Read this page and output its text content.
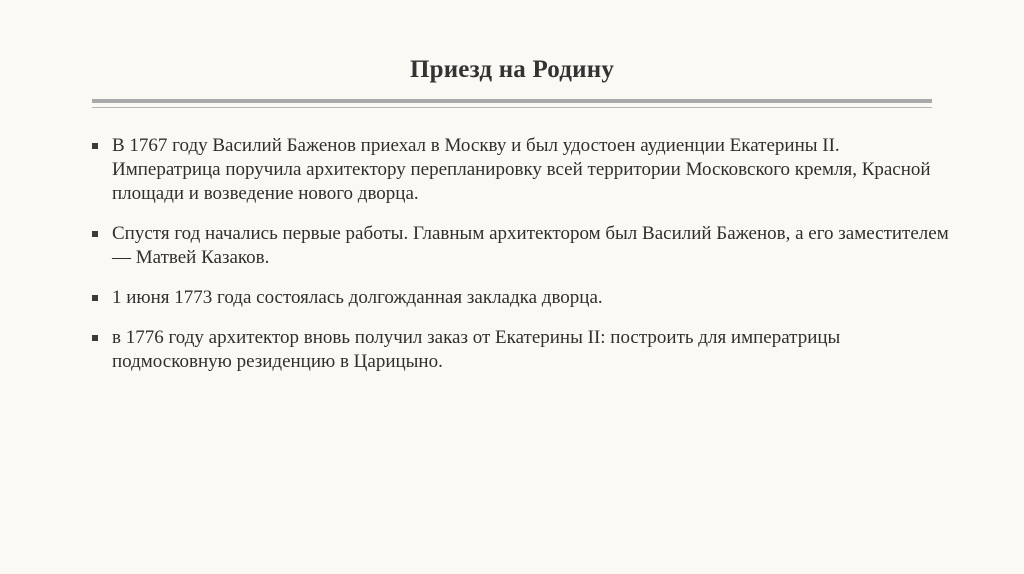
Приезд на Родину
В 1767 году Василий Баженов приехал в Москву и был удостоен аудиенции Екатерины II. Императрица поручила архитектору перепланировку всей территории Московского кремля, Красной площади и возведение нового дворца.
Спустя год начались первые работы. Главным архитектором был Василий Баженов, а его заместителем — Матвей Казаков.
1 июня 1773 года состоялась долгожданная закладка дворца.
в 1776 году архитектор вновь получил заказ от Екатерины II: построить для императрицы подмосковную резиденцию в Царицыно.
